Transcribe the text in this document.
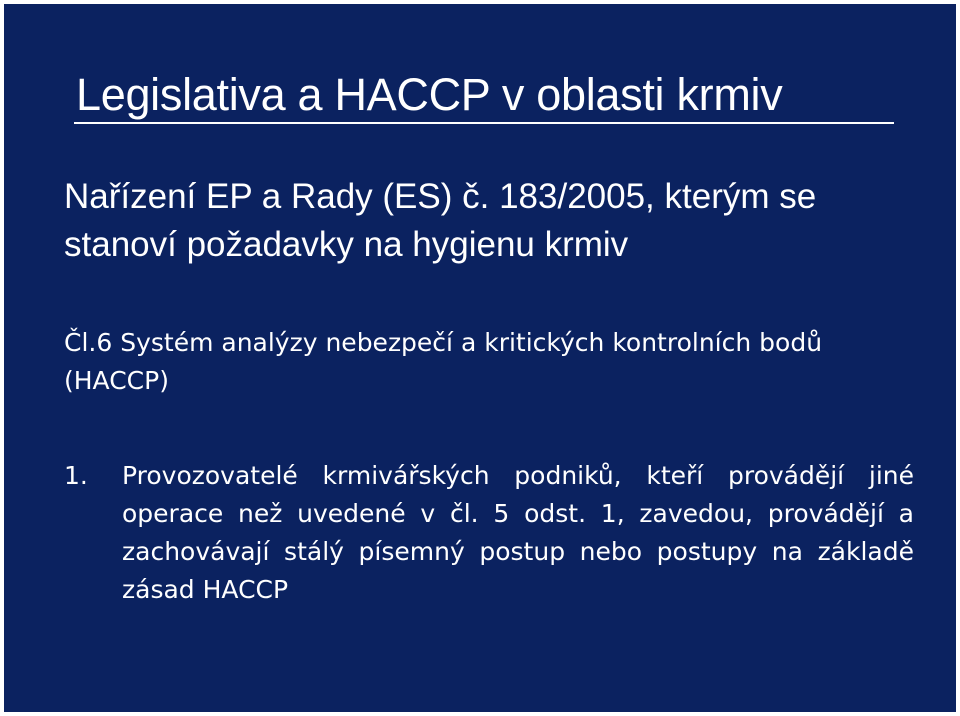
Legislativa a HACCP v oblasti krmiv

Nařízení EP a Rady (ES) č. 183/2005, kterým se stanoví požadavky na hygienu krmiv

Čl.6 Systém analýzy nebezpečí a kritických kontrolních bodů (HACCP)

1.	Provozovatelé krmivářských podniků, kteří provádějí jiné operace než uvedené v čl. 5 odst. 1, zavedou, provádějí a zachovávají stálý písemný postup nebo postupy na základě zásad HACCP
